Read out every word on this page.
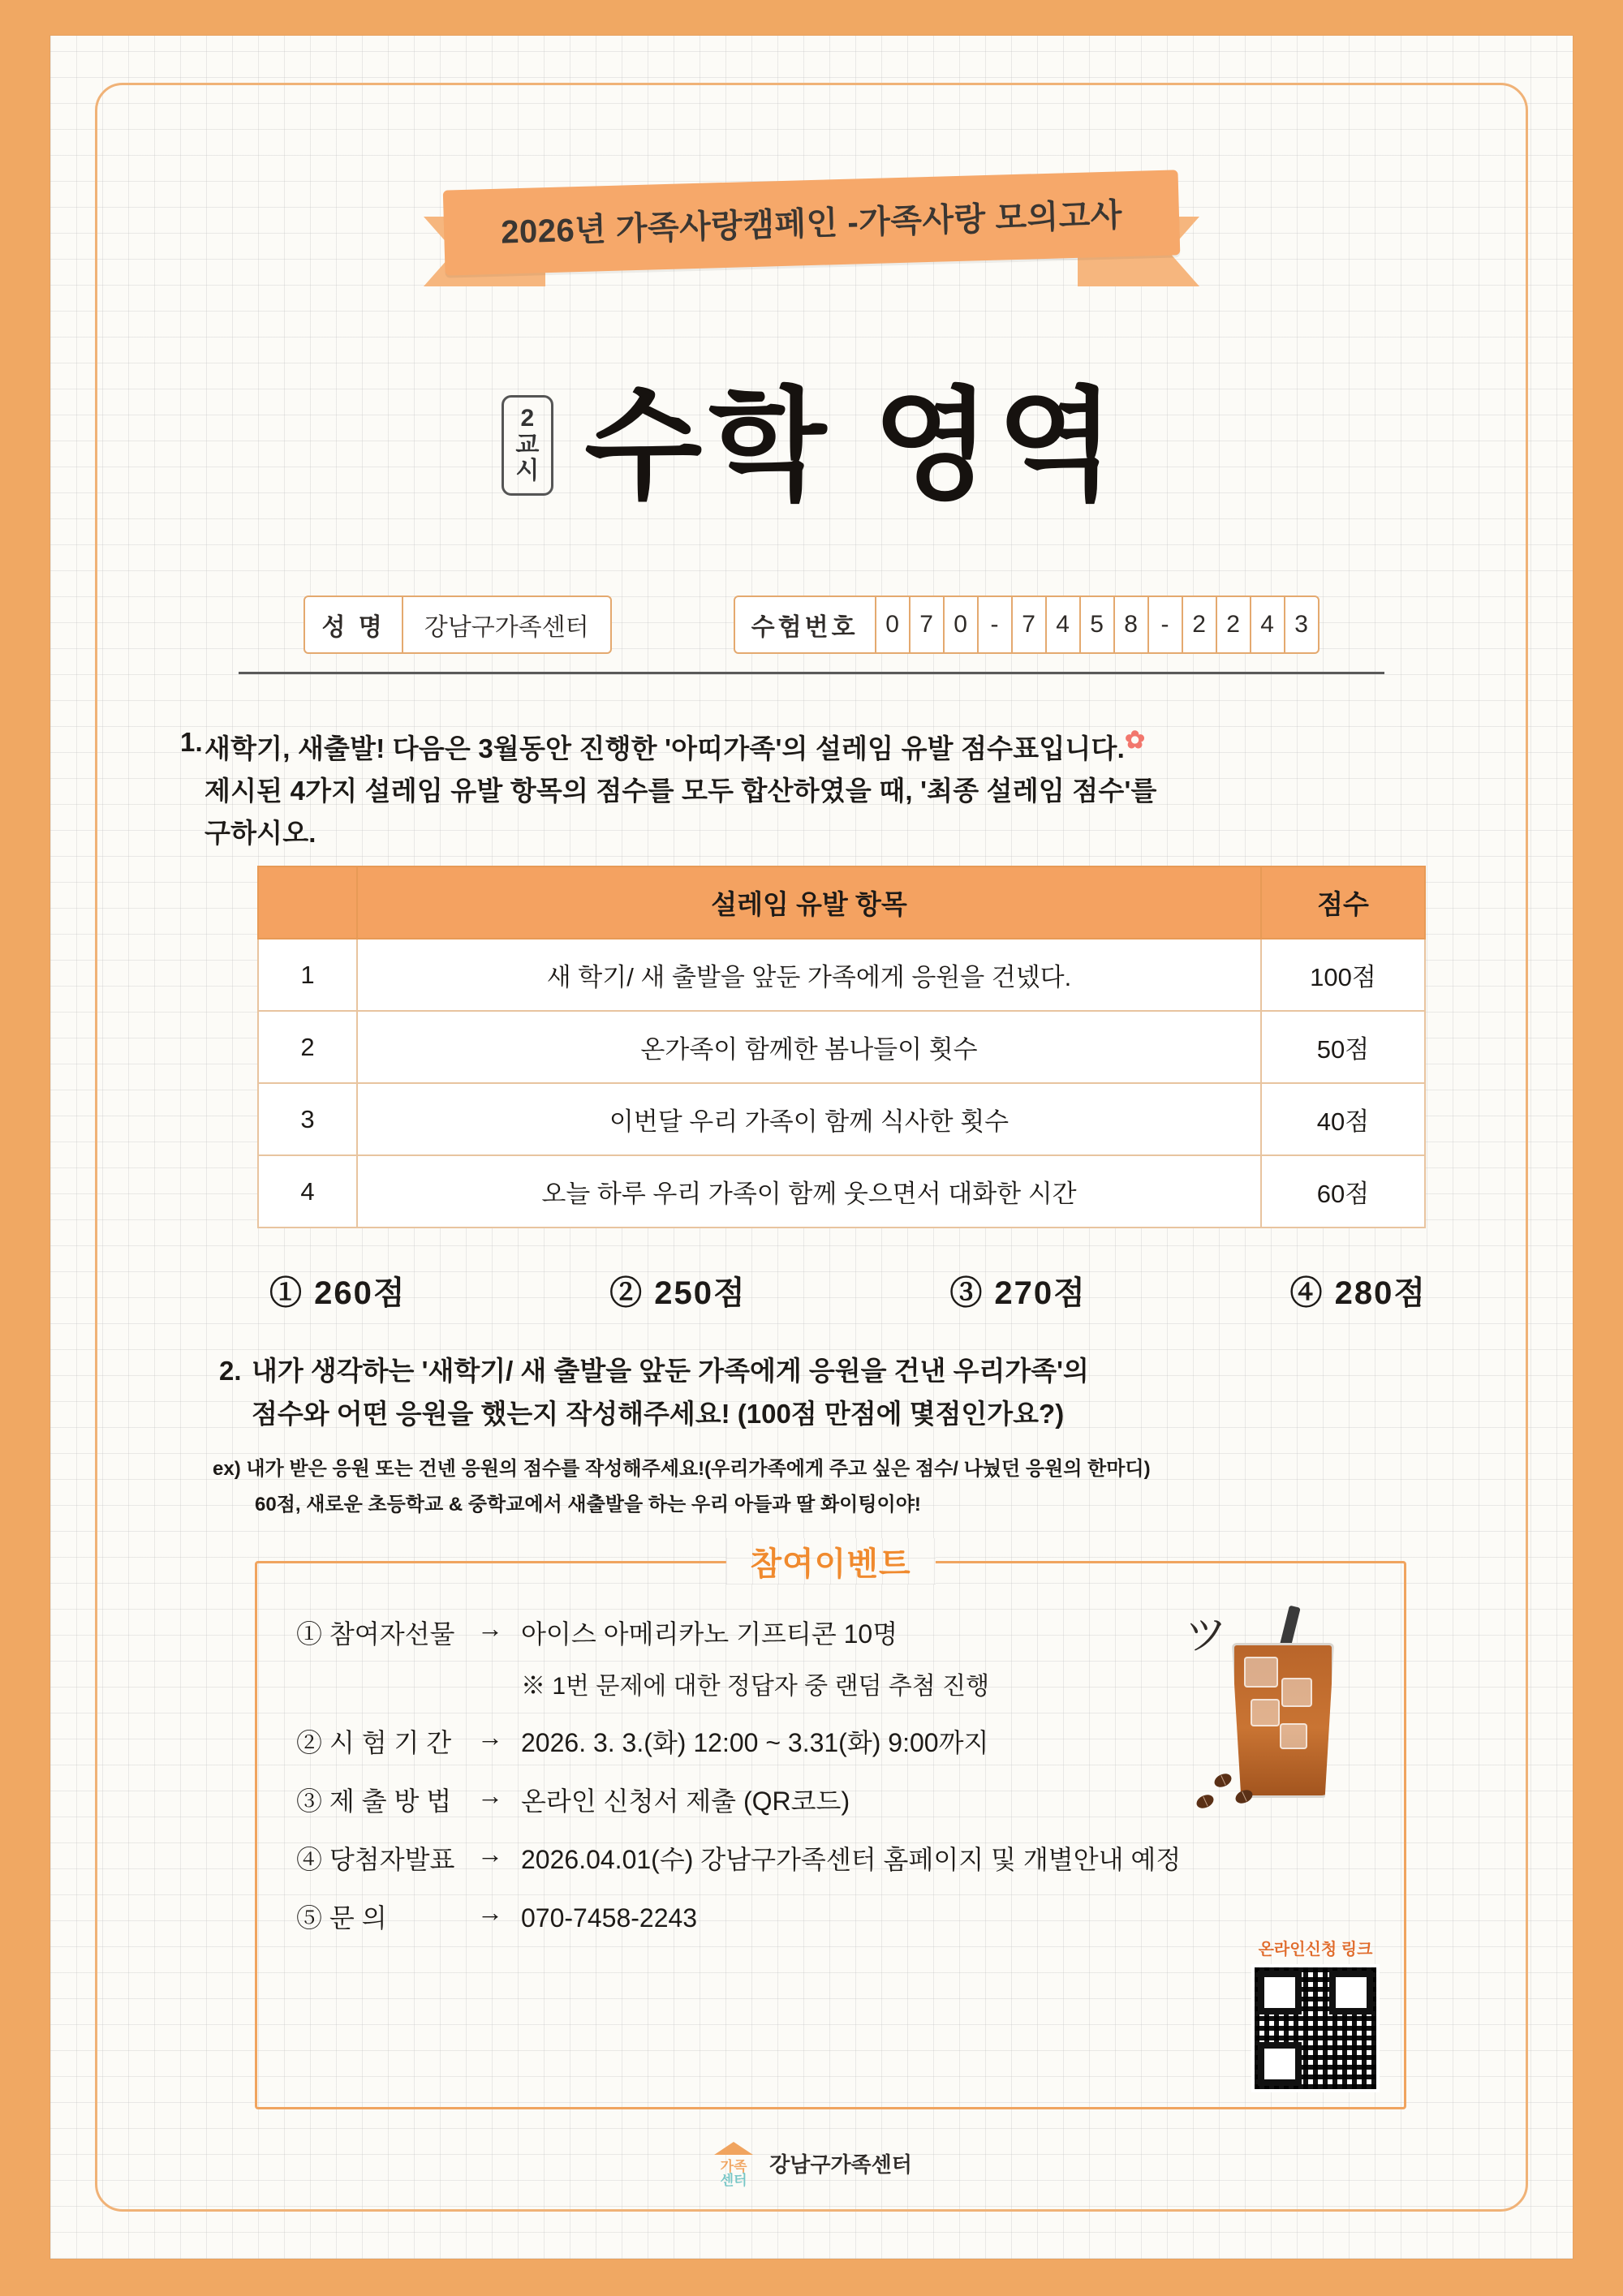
2026년 가족사랑캠페인 -가족사랑 모의고사
2
교
시 수학 영역
성 명	강남구가족센터	수험번호	0 7 0 - 7 4 5 8 - 2 2 4 3
1. 새학기, 새출발! 다음은 3월동안 진행한 '아띠가족'의 설레임 유발 점수표입니다.✿
제시된 4가지 설레임 유발 항목의 점수를 모두 합산하였을 때, '최종 설레임 점수'를
구하시오.
	설레임 유발 항목	점수
1	새 학기/ 새 출발을 앞둔 가족에게 응원을 건넸다.	100점
2	온가족이 함께한 봄나들이 횟수	50점
3	이번달 우리 가족이 함께 식사한 횟수	40점
4	오늘 하루 우리 가족이 함께 웃으면서 대화한 시간	60점
① 260점	② 250점	③ 270점	④ 280점
2. 내가 생각하는 '새학기/ 새 출발을 앞둔 가족에게 응원을 건낸 우리가족'의
점수와 어떤 응원을 했는지 작성해주세요! (100점 만점에 몇점인가요?)
ex) 내가 받은 응원 또는 건넨 응원의 점수를 작성해주세요!(우리가족에게 주고 싶은 점수/ 나눴던 응원의 한마디)
60점, 새로운 초등학교 & 중학교에서 새출발을 하는 우리 아들과 딸 화이팅이야!
참여이벤트
① 참여자선물 → 아이스 아메리카노 기프티콘 10명
※ 1번 문제에 대한 정답자 중 랜덤 추첨 진행
② 시 험 기 간 → 2026. 3. 3.(화) 12:00 ~ 3.31(화) 9:00까지
③ 제 출 방 법 → 온라인 신청서 제출 (QR코드)
④ 당첨자발표 → 2026.04.01(수) 강남구가족센터 홈페이지 및 개별안내 예정
⑤ 문 의	→ 070-7458-2243
ツ
온라인신청 링크
가족
센터
강남구가족센터
